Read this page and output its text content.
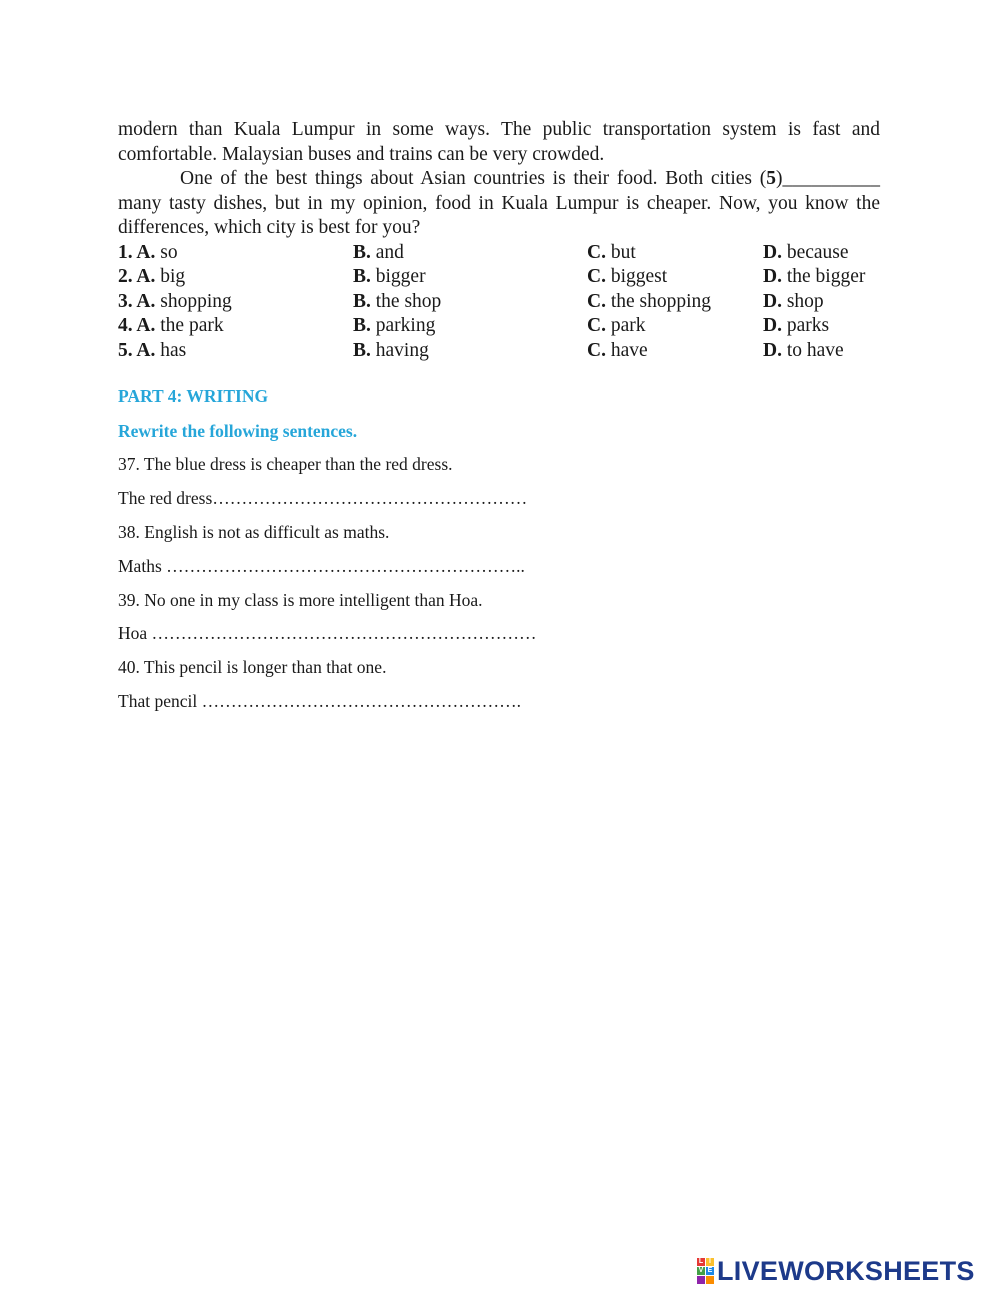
modern than Kuala Lumpur in some ways. The public transportation system is fast and comfortable. Malaysian buses and trains can be very crowded.

One of the best things about Asian countries is their food. Both cities (5)__________ many tasty dishes, but in my opinion, food in Kuala Lumpur is cheaper. Now, you know the differences, which city is best for you?

1. A. so	B. and	C. but	D. because
2. A. big	B. bigger	C. biggest	D. the bigger
3. A. shopping	B. the shop	C. the shopping	D. shop
4. A. the park	B. parking	C. park	D. parks
5. A. has	B. having	C. have	D. to have

PART 4: WRITING

Rewrite the following sentences.

37. The blue dress is cheaper than the red dress.
The red dress………………………………………………
38. English is not as difficult as maths.
Maths ……………………………………………………..
39. No one in my class is more intelligent than Hoa.
Hoa …………………………………………………………
40. This pencil is longer than that one.
That pencil ……………………………………………….
L I
V E LIVEWORKSHEETS
